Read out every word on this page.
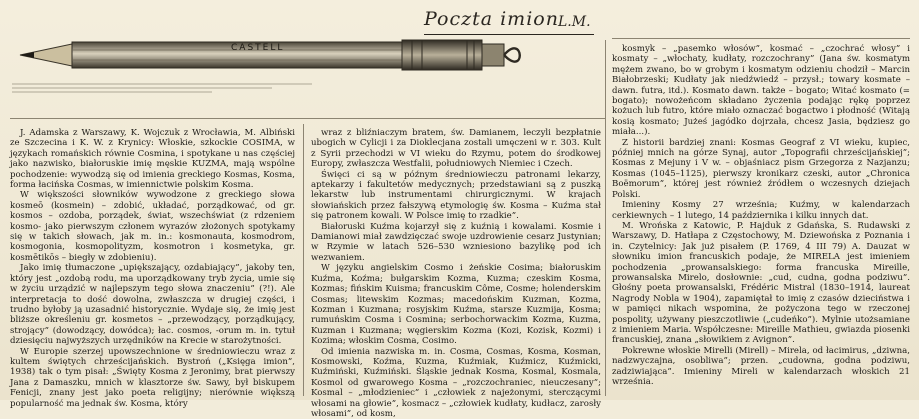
CASTELL
Poczta imion L.M.

J. Adamska z Warszawy, K. Wojczuk z Wrocławia, M. Albiński ze Szczecina i K. W. z Krynicy: Włoskie, szkockie COSIMA, w językach romańskich równie Cosmina, i spotykane u nas częściej jako nazwisko, białoruskie imię męskie KUZMA, mają wspólne pochodzenie: wywodzą się od imienia greckiego Kosmas, Kosma, forma łacińska Cosmas, w imiennictwie polskim Kosma.

W większości słowników wywodzone z greckiego słowa kosmeō (kosmein) – zdobić, układać, porządkować, od gr. kosmos – ozdoba, porządek, świat, wszechświat (z rdzeniem kosmo- jako pierwszym członem wyrazów złożonych spotykamy się w takich słowach, jak m. in.: kosmonauta, kosmodrom, kosmogonia, kosmopolityzm, kosmotron i kosmetyka, gr. kosmētikōs – biegły w zdobieniu).

Jako imię tłumaczone „upiększający, ozdabiający”, jakoby ten, który jest „ozdobą rodu, ma uporządkowany tryb życia, umie się w życiu urządzić w najlepszym tego słowa znaczeniu” (?!). Ale interpretacja to dość dowolna, zwłaszcza w drugiej części, i trudno byłoby ją uzasadnić historycznie. Wydaje się, że imię jest bliższe określeniu gr. kosmetos – „przewodzący, porządkujący, strojący” (dowodzący, dowódca); łac. cosmos, -orum m. in. tytuł dziesięciu najwyższych urzędników na Krecie w starożytności.

W Europie szerzej upowszechnione w średniowieczu wraz z kultem świętych chrześcijańskich. Bystroń („Księga imion”, 1938) tak o tym pisał: „Święty Kosma z Jeronimy, brat pierwszy Jana z Damaszku, mnich w klasztorze św. Sawy, był biskupem Fenicji, znany jest jako poeta religijny; nierównie większą popularność ma jednak św. Kosma, który

wraz z bliźniaczym bratem, św. Damianem, leczyli bezpłatnie ubogich w Cylicji i za Dioklecjana zostali umęczeni w r. 303. Kult z Syrii przechodzi w VI wieku do Rzymu, potem do środkowej Europy, zwłaszcza Westfalii, południowych Niemiec i Czech.

Święci ci są w późnym średniowieczu patronami lekarzy, aptekarzy i fakultetów medycznych; przedstawiani są z puszką lekarstw lub instrumentami chirurgicznymi. W krajach słowiańskich przez fałszywą etymologię św. Kosma – Kuźma stał się patronem kowali. W Polsce imię to rzadkie”.

Białoruski Kuźma kojarzył się z kuźnią i kowalami. Kosmie i Damianowi miał zawdzięczać swoje uzdrowienie cesarz Justynian; w Rzymie w latach 526–530 wzniesiono bazylikę pod ich wezwaniem.

W języku angielskim Cosmo i żeńskie Cosima; białoruskim Kuźma, Koźma; bułgarskim Kozma, Kuzma; czeskim Kosma, Kozmas; fińskim Kuisma; francuskim Côme, Cosme; holenderskim Cosmas; litewskim Kozmas; macedońskim Kuzman, Kozma, Kozman i Kuzmana; rosyjskim Kuźma, starsze Kuzmija, Kosma; rumuńskim Cosma i Cosmina; serbochorwackim Kozma, Kuzma, Kuzman i Kuzmana; węgierskim Kozma (Kozi, Kozisk, Kozmi) i Kozima; włoskim Cosma, Cosimo.

Od imienia nazwiska m. in. Cosma, Cosmas, Kosma, Kosman, Kosmowski, Koźma, Kuzma, Kuźmiak, Kuźmicz, Kuźmicki, Kuźmiński, Kuźmiński. Śląskie jednak Kosma, Kosmal, Kosmala, Kosmol od gwarowego Kosma – „rozczochraniec, nieuczesany”; Kosmal – „młodzieniec” i „człowiek z najeżonymi, sterczącymi włosami na głowie”, kosmacz – „człowiek kudłaty, kudłacz, zarosły włosami”, od kosm,

kosmyk – „pasemko włosów”, kosmać – „czochrać włosy” i kosmaty – „włochaty, kudłaty, rozczochrany” (Jana św. kosmatym mężem zwano, bo w grobym i kosmatym odzieniu chodził – Marcin Białobrzeski; Kudłaty jak niedźwiedź – przysł.; towary kosmate – dawn. futra, itd.). Kosmato dawn. także – bogato; Witać kosmato (= bogato); nowożeńcom składano życzenia podając rękę poprzez kożuch lub futro, które miało oznaczać bogactwo i płodność (Witają kosią kosmato; Jużeś jagódko dojrzała, chcesz Jasia, będziesz go miała...).

Z historii bardziej znani: Kosmas Geograf z VI wieku, kupiec, później mnich na górze Synaj, autor „Topografii chrześcijańskiej”; Kosmas z Mejuny i V w. – objaśniacz pism Grzegorza z Nazjanzu; Kosmas (1045–1125), pierwszy kronikarz czeski, autor „Chronica Boëmorum”, której jest również źródłem o wczesnych dziejach Polski.

Imieniny Kosmy 27 września; Kuźmy, w kalendarzach cerkiewnych – 1 lutego, 14 października i kilku innych dat.

M. Wrońska z Katowic, P. Hajduk z Gdańska, S. Rudawski z Warszawy, D. Hatłapa z Częstochowy, M. Dziewońska z Poznania i in. Czytelnicy: Jak już pisałem (P. 1769, 4 III 79) A. Dauzat w słowniku imion francuskich podaje, że MIRELA jest imieniem pochodzenia „prowansalskiego: forma francuska Mireille, prowansalska Mirelo, dosłownie: „cud, cudna, godna podziwu”. Głośny poeta prowansalski, Frédéric Mistral (1830–1914, laureat Nagrody Nobla w 1904), zapamiętał to imię z czasów dzieciństwa i w pamięci nikach wspomina, że pożyczona tego w rzeczonej pospolity, używany pieszczotliwie („cudeńko”). Mylnie utożsamiane z imieniem Maria. Współczesne: Mireille Mathieu, gwiazda piosenki francuskiej, znana „słowikiem z Avignon”.

Pokrewne włoskie Mirelli (Mirell) – Mirela, od łacimirus, „dziwna, nadzwyczajna, osobliwa”; przen. „cudowna, godna podziwu, zadziwiająca”. Imieniny Mireli w kalendarzach włoskich 21 września.
